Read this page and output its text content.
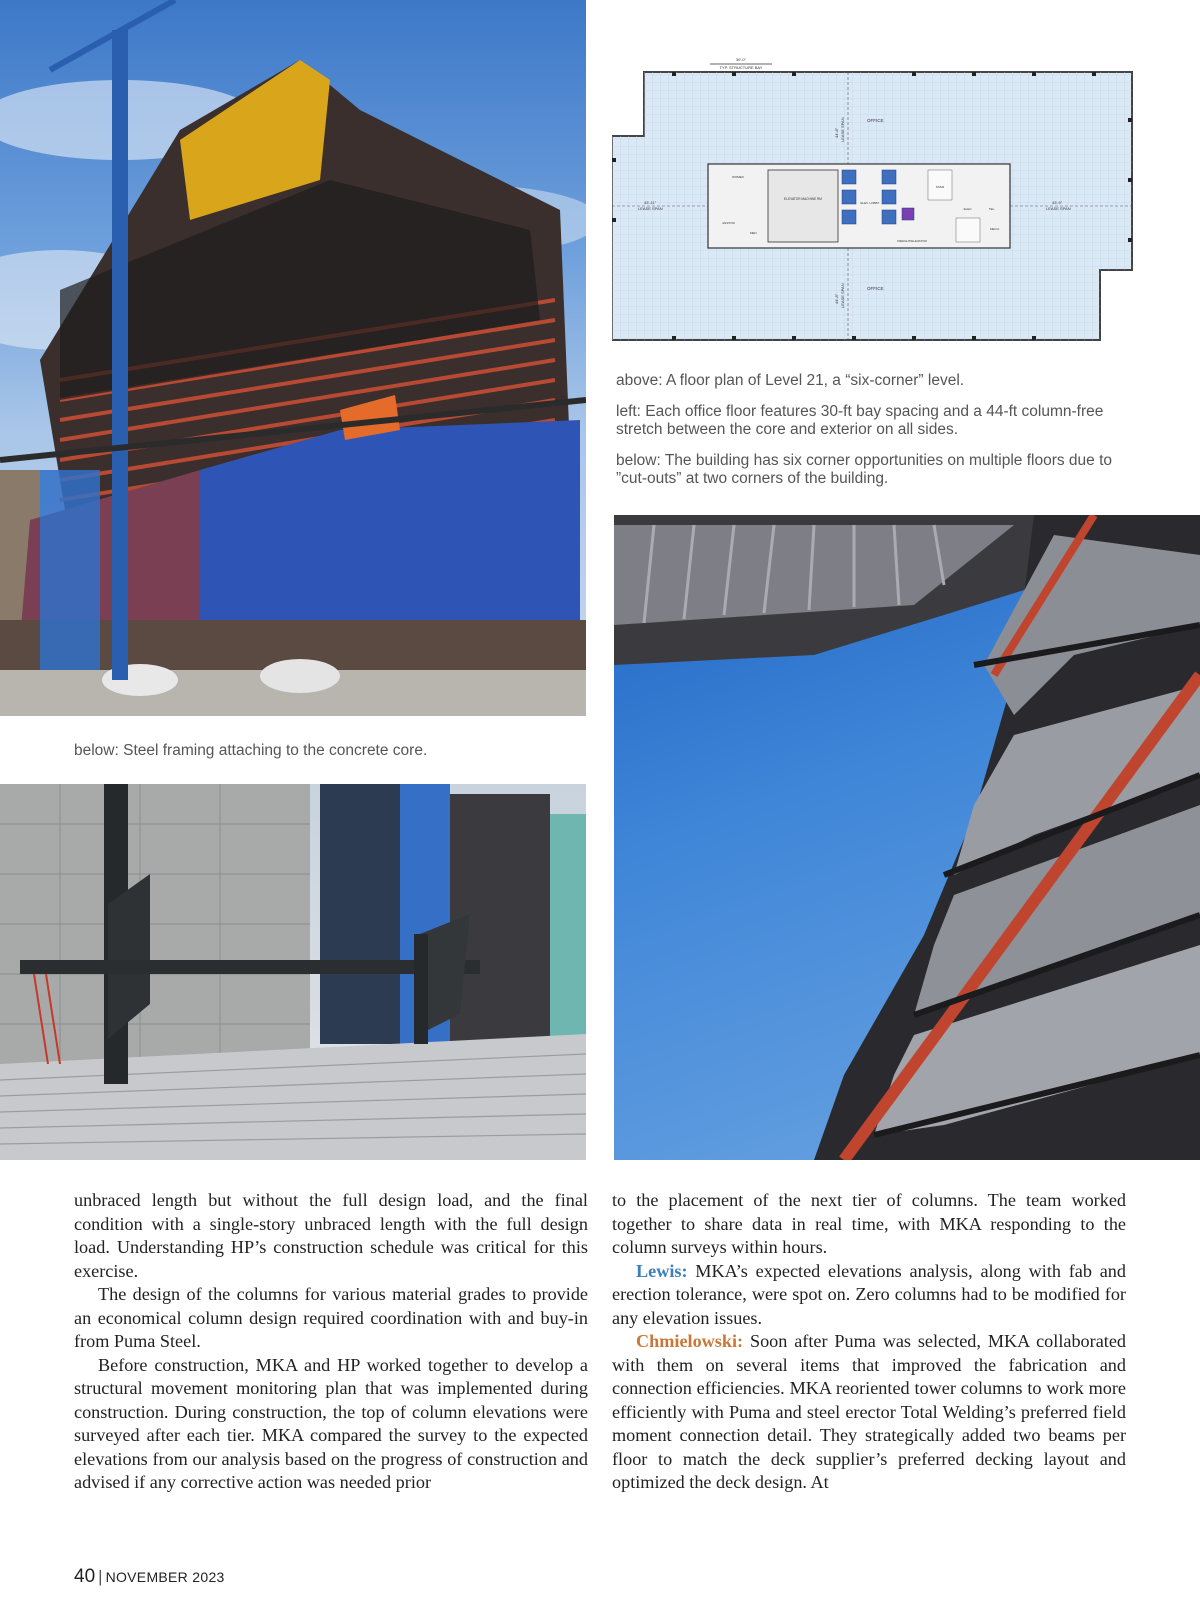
30'-0"
TYP. STRUCTURE BAY
OFFICE
OFFICE
43'-11"
LEASE SPAN
43'-9"
LEASE SPAN
44'-8" LEASE SPAN
44'-8" LEASE SPAN
ELEVATOR MACHINE RM
ELEV. LOBBY
FREIGHT/ELEVATOR
STAIR
ELEC.	TEL.
JANITOR
MECH.
WOMEN
MEN
above: A floor plan of Level 21, a “six-corner” level.
left: Each office floor features 30-ft bay spacing and a 44-ft column-free stretch between the core and exterior on all sides.
below: The building has six corner opportunities on multiple floors due to ”cut-outs” at two corners of the building.
below: Steel framing attaching to the concrete core.

unbraced length but without the full design load, and the final condition with a single-story unbraced length with the full design load. Understanding HP’s construction schedule was critical for this exercise.

The design of the columns for various material grades to provide an economical column design required coordination with and buy-in from Puma Steel.

Before construction, MKA and HP worked together to develop a structural movement monitoring plan that was implemented during construction. During construction, the top of column elevations were surveyed after each tier. MKA compared the survey to the expected elevations from our analysis based on the progress of construction and advised if any corrective action was needed prior

to the placement of the next tier of columns. The team worked together to share data in real time, with MKA responding to the column surveys within hours.

Lewis: MKA’s expected elevations analysis, along with fab and erection tolerance, were spot on. Zero columns had to be modified for any elevation issues.

Chmielowski: Soon after Puma was selected, MKA collaborated with them on several items that improved the fabrication and connection efficiencies. MKA reoriented tower columns to work more efficiently with Puma and steel erector Total Welding’s preferred field moment connection detail. They strategically added two beams per floor to match the deck supplier’s preferred decking layout and optimized the deck design. At

40 | NOVEMBER 2023
